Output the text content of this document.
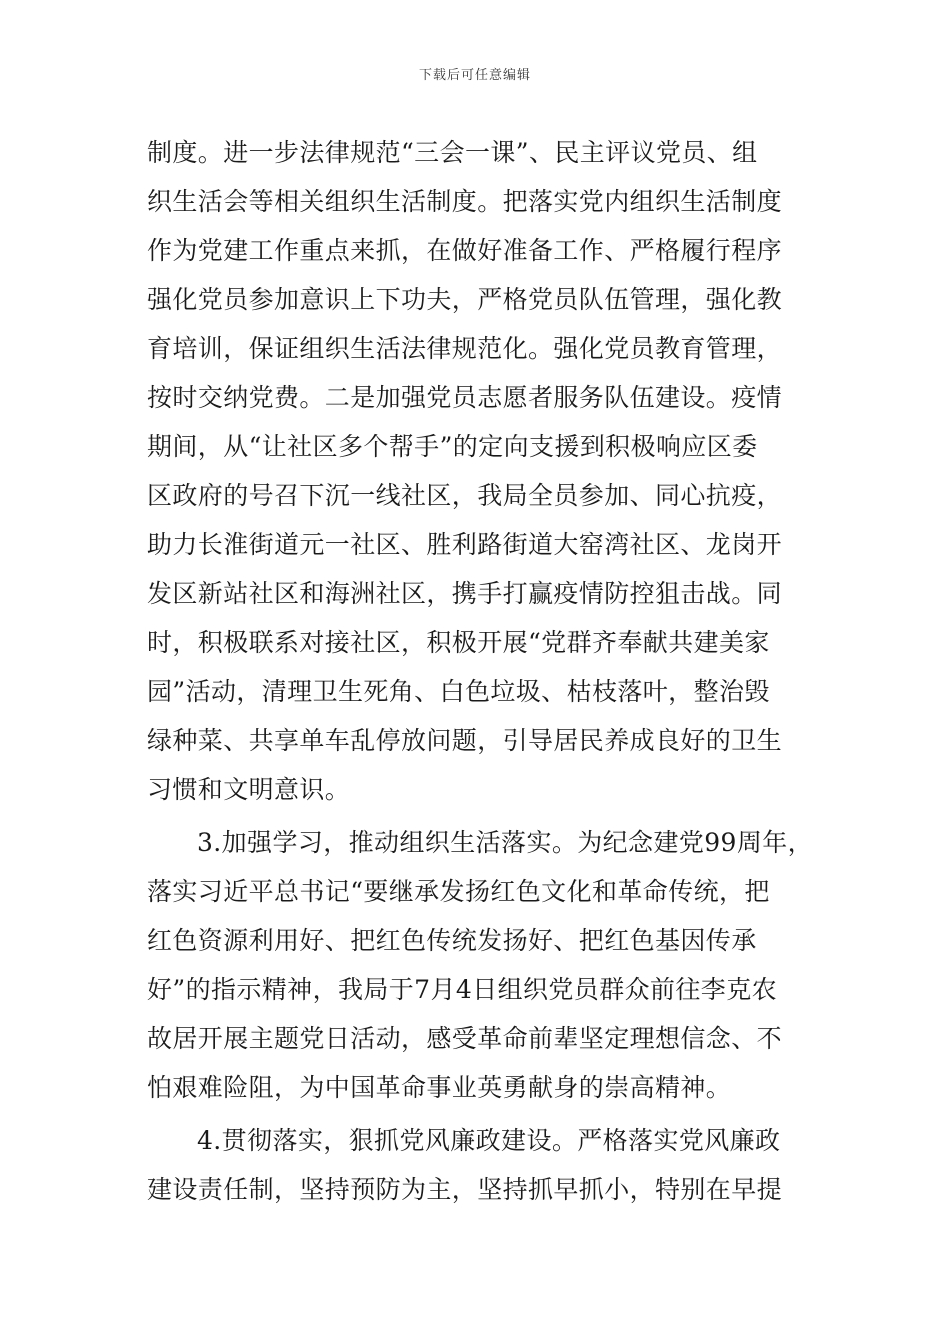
下载后可任意编辑
制度。进一步法律规范“三会一课”、民主评议党员、组
织生活会等相关组织生活制度。把落实党内组织生活制度
作为党建工作重点来抓，在做好准备工作、严格履行程序
强化党员参加意识上下功夫，严格党员队伍管理，强化教
育培训，保证组织生活法律规范化。强化党员教育管理，
按时交纳党费。二是加强党员志愿者服务队伍建设。疫情
期间，从“让社区多个帮手”的定向支援到积极响应区委
区政府的号召下沉一线社区，我局全员参加、同心抗疫，
助力长淮街道元一社区、胜利路街道大窑湾社区、龙岗开
发区新站社区和海洲社区，携手打赢疫情防控狙击战。同
时，积极联系对接社区，积极开展“党群齐奉献共建美家
园”活动，清理卫生死角、白色垃圾、枯枝落叶，整治毁
绿种菜、共享单车乱停放问题，引导居民养成良好的卫生
习惯和文明意识。
3.加强学习，推动组织生活落实。为纪念建党99周年，
落实习近平总书记“要继承发扬红色文化和革命传统，把
红色资源利用好、把红色传统发扬好、把红色基因传承
好”的指示精神，我局于7月4日组织党员群众前往李克农
故居开展主题党日活动，感受革命前辈坚定理想信念、不
怕艰难险阻，为中国革命事业英勇献身的崇高精神。
4.贯彻落实，狠抓党风廉政建设。严格落实党风廉政
建设责任制，坚持预防为主，坚持抓早抓小，特别在早提
